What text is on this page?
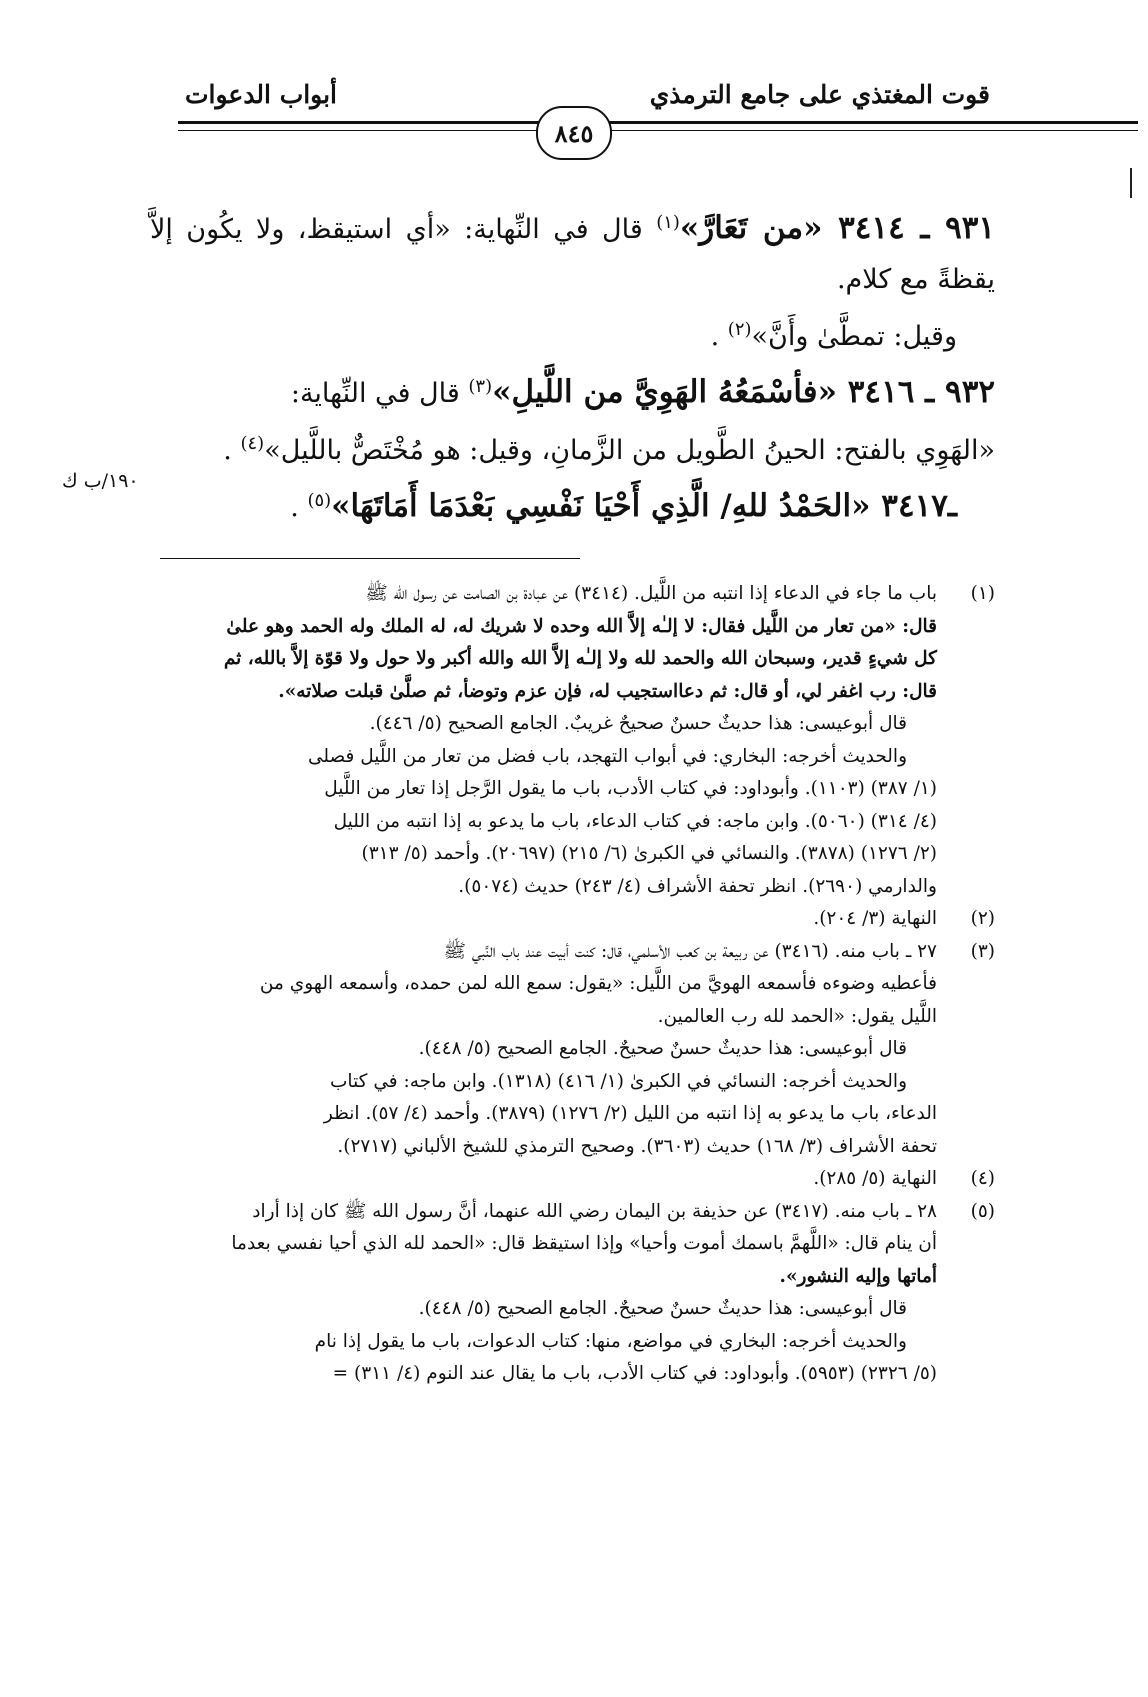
قوت المغتذي على جامع الترمذي
أبواب الدعوات
٨٤٥

٩٣١ ـ ٣٤١٤ «من تَعَارَّ»$^{(١)}$ قال في النِّهاية: «أي استيقظ، ولا يكُون إلاَّ يقظةً مع كلام.

وقيل: تمطَّىٰ وأَنَّ»$^{(٢)}$ .

٩٣٢ ـ ٣٤١٦ «فأسْمَعُهُ الهَوِيَّ من اللَّيلِ»$^{(٣)}$ قال في النِّهاية:

«الهَوِي بالفتح: الحينُ الطَّويل من الزَّمانِ، وقيل: هو مُخْتَصٌّ باللَّيل»$^{(٤)}$ .

ـ٣٤١٧ «الحَمْدُ للهِ/ الَّذِي أَحْيَا نَفْسِي بَعْدَمَا أَمَاتَهَا»$^{(٥)}$ .

١٩٠/ب ك
(١)

باب ما جاء في الدعاء إذا انتبه من اللَّيل. (٣٤١٤) عن عبادة بن الصامت عن رسول الله ﷺ

قال: «من تعار من اللَّيل فقال: لا إلـٰه إلاَّ الله وحده لا شريك له، له الملك وله الحمد وهو علىٰ

كل شيءٍ قدير، وسبحان الله والحمد لله ولا إلـٰه إلاَّ الله والله أكبر ولا حول ولا قوّة إلاَّ بالله، ثم

قال: رب اغفر لي، أو قال: ثم دعااستجيب له، فإن عزم وتوضأ، ثم صلَّىٰ قبلت صلاته».

قال أبوعيسى: هذا حديثٌ حسنٌ صحيحٌ غريبٌ. الجامع الصحيح (٥/ ٤٤٦).

والحديث أخرجه: البخاري: في أبواب التهجد، باب فضل من تعار من اللَّيل فصلى

(١/ ٣٨٧) (١١٠٣). وأبوداود: في كتاب الأدب، باب ما يقول الرَّجل إذا تعار من اللَّيل

(٤/ ٣١٤) (٥٠٦٠). وابن ماجه: في كتاب الدعاء، باب ما يدعو به إذا انتبه من الليل

(٢/ ١٢٧٦) (٣٨٧٨). والنسائي في الكبرىٰ (٦/ ٢١٥) (٢٠٦٩٧). وأحمد (٥/ ٣١٣)

والدارمي (٢٦٩٠). انظر تحفة الأشراف (٤/ ٢٤٣) حديث (٥٠٧٤).

(٢)

النهاية (٣/ ٢٠٤).

(٣)

٢٧ ـ باب منه. (٣٤١٦) عن ربيعة بن كعب الأسلمي، قال: كنت أبيت عند باب النَّبي ﷺ

فأعطيه وضوءه فأسمعه الهويَّ من اللَّيل: «يقول: سمع الله لمن حمده، وأسمعه الهوي من

اللَّيل يقول: «الحمد لله رب العالمين.

قال أبوعيسى: هذا حديثٌ حسنٌ صحيحٌ. الجامع الصحيح (٥/ ٤٤٨).

والحديث أخرجه: النسائي في الكبرىٰ (١/ ٤١٦) (١٣١٨). وابن ماجه: في كتاب

الدعاء، باب ما يدعو به إذا انتبه من الليل (٢/ ١٢٧٦) (٣٨٧٩). وأحمد (٤/ ٥٧). انظر

تحفة الأشراف (٣/ ١٦٨) حديث (٣٦٠٣). وصحيح الترمذي للشيخ الألباني (٢٧١٧).

(٤)

النهاية (٥/ ٢٨٥).

(٥)

٢٨ ـ باب منه. (٣٤١٧) عن حذيفة بن اليمان رضي الله عنهما، أنَّ رسول الله ﷺ كان إذا أراد

أن ينام قال: «اللَّهمَّ باسمك أموت وأحيا» وإذا استيقظ قال: «الحمد لله الذي أحيا نفسي بعدما

أماتها وإليه النشور».

قال أبوعيسى: هذا حديثٌ حسنٌ صحيحٌ. الجامع الصحيح (٥/ ٤٤٨).

والحديث أخرجه: البخاري في مواضع، منها: كتاب الدعوات، باب ما يقول إذا نام

(٥/ ٢٣٢٦) (٥٩٥٣). وأبوداود: في كتاب الأدب، باب ما يقال عند النوم (٤/ ٣١١) =
